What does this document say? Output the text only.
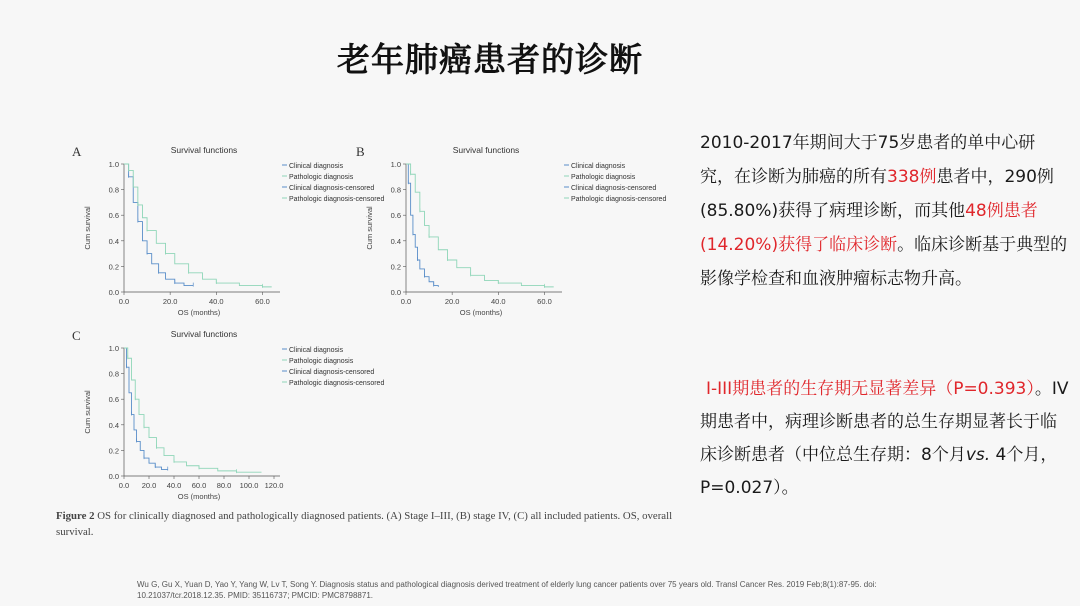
老年肺癌患者的诊断
A	B
C
Survival functions
0.0
0.2
0.4
0.6
0.8
1.0
0.0	20.0	40.0	60.0
OS (months)
Cum survival
Clinical diagnosis
Pathologic diagnosis
Clinical diagnosis-censored
Pathologic diagnosis-censored
Survival functions
0.0
0.2
0.4
0.6
0.8
1.0
0.0	20.0	40.0	60.0
OS (months)
Cum survival
Clinical diagnosis
Pathologic diagnosis
Clinical diagnosis-censored
Pathologic diagnosis-censored
Survival functions
0.0
0.2
0.4
0.6
0.8
1.0
0.0 20.0 40.0 60.0 80.0 100.0 120.0
OS (months)
Cum survival
Clinical diagnosis
Pathologic diagnosis
Clinical diagnosis-censored
Pathologic diagnosis-censored
Figure 2 OS for clinically diagnosed and pathologically diagnosed patients. (A) Stage I–III, (B) stage IV, (C) all included patients. OS, overall survival.
Wu G, Gu X, Yuan D, Yao Y, Yang W, Lv T, Song Y. Diagnosis status and pathological diagnosis derived treatment of elderly lung cancer patients over 75 years old. Transl Cancer Res. 2019 Feb;8(1):87-95. doi: 10.21037/tcr.2018.12.35. PMID: 35116737; PMCID: PMC8798871.

2010-2017年期间大于75岁患者的单中心研究，在诊断为肺癌的所有338例患者中，290例(85.80%)获得了病理诊断，而其他48例患者(14.20%)获得了临床诊断。临床诊断基于典型的影像学检查和血液肿瘤标志物升高。

I-III期患者的生存期无显著差异（P=0.393）。IV期患者中，病理诊断患者的总生存期显著长于临床诊断患者（中位总生存期：8个月vs. 4个月，P=0.027）。
